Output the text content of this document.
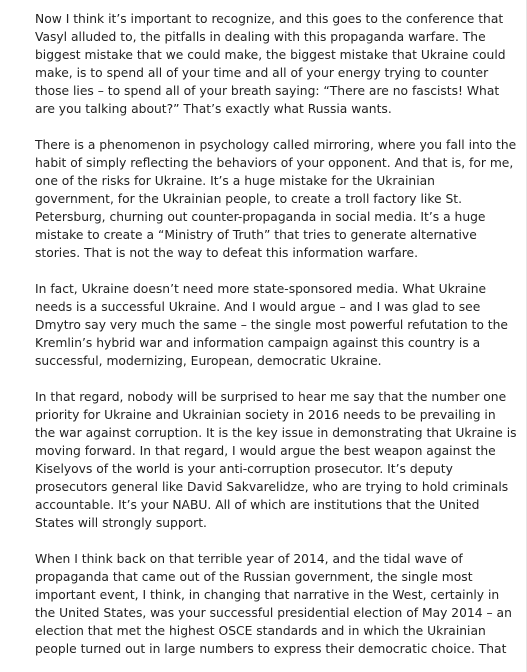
Now I think it’s important to recognize, and this goes to the conference that Vasyl alluded to, the pitfalls in dealing with this propaganda warfare. The biggest mistake that we could make, the biggest mistake that Ukraine could make, is to spend all of your time and all of your energy trying to counter those lies – to spend all of your breath saying: “There are no fascists! What are you talking about?” That’s exactly what Russia wants.

There is a phenomenon in psychology called mirroring, where you fall into the habit of simply reflecting the behaviors of your opponent. And that is, for me, one of the risks for Ukraine. It’s a huge mistake for the Ukrainian government, for the Ukrainian people, to create a troll factory like St. Petersburg, churning out counter-propaganda in social media. It’s a huge mistake to create a “Ministry of Truth” that tries to generate alternative stories. That is not the way to defeat this information warfare.

In fact, Ukraine doesn’t need more state-sponsored media. What Ukraine needs is a successful Ukraine. And I would argue – and I was glad to see Dmytro say very much the same – the single most powerful refutation to the Kremlin’s hybrid war and information campaign against this country is a successful, modernizing, European, democratic Ukraine.

In that regard, nobody will be surprised to hear me say that the number one priority for Ukraine and Ukrainian society in 2016 needs to be prevailing in the war against corruption. It is the key issue in demonstrating that Ukraine is moving forward. In that regard, I would argue the best weapon against the Kiselyovs of the world is your anti-corruption prosecutor. It’s deputy prosecutors general like David Sakvarelidze, who are trying to hold criminals accountable. It’s your NABU. All of which are institutions that the United States will strongly support.

When I think back on that terrible year of 2014, and the tidal wave of propaganda that came out of the Russian government, the single most important event, I think, in changing that narrative in the West, certainly in the United States, was your successful presidential election of May 2014 – an election that met the highest OSCE standards and in which the Ukrainian people turned out in large numbers to express their democratic choice. That
